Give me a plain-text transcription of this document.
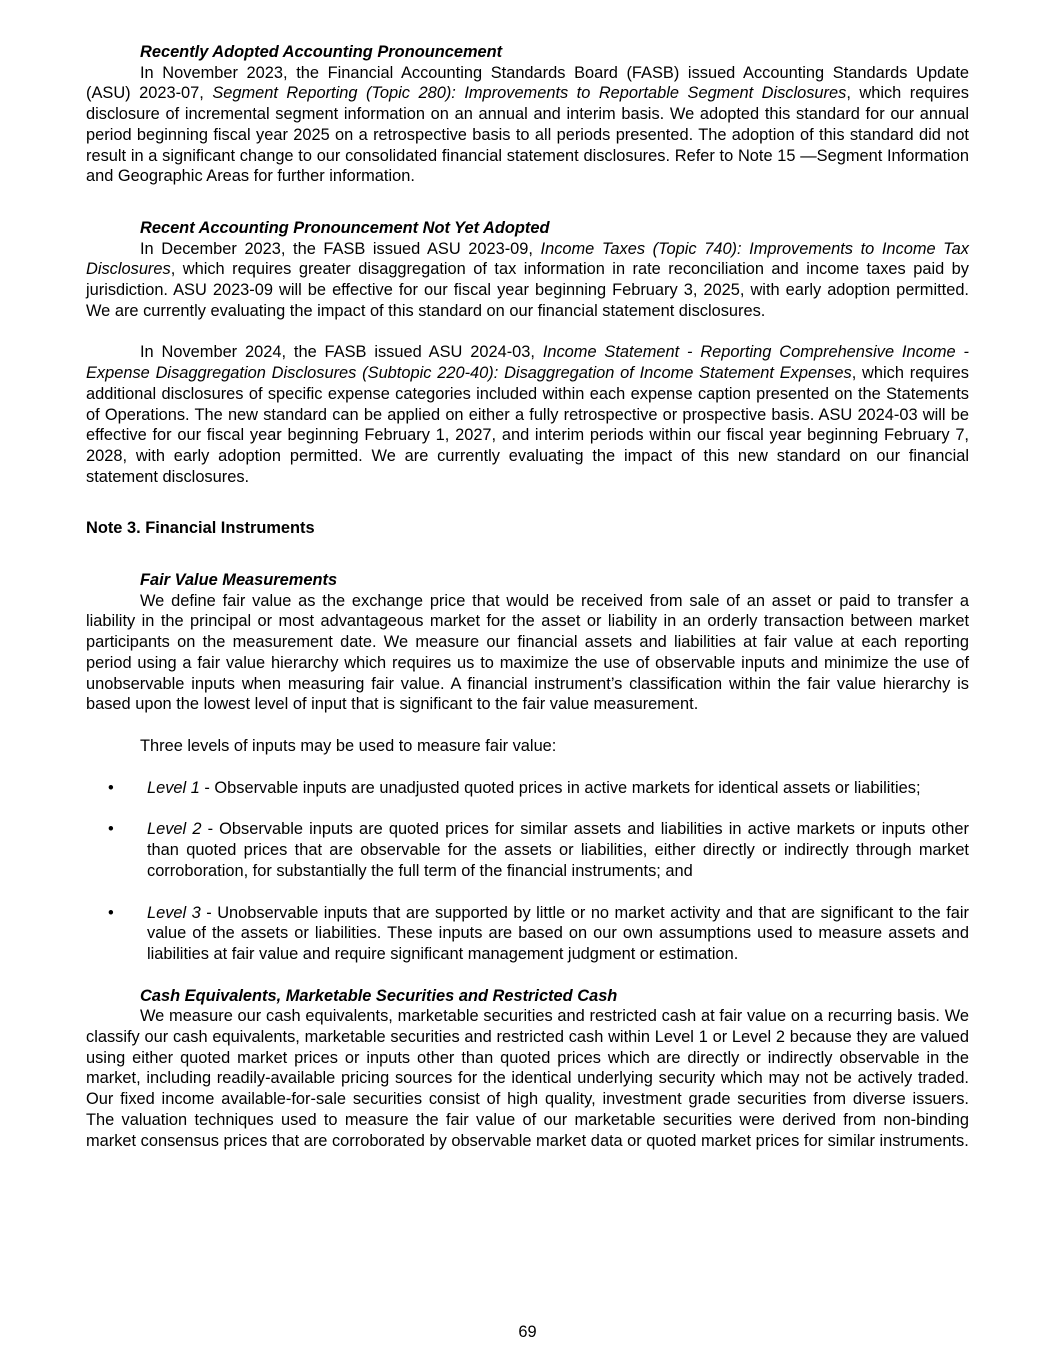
Recently Adopted Accounting Pronouncement

In November 2023, the Financial Accounting Standards Board (FASB) issued Accounting Standards Update (ASU) 2023-07, Segment Reporting (Topic 280): Improvements to Reportable Segment Disclosures, which requires disclosure of incremental segment information on an annual and interim basis. We adopted this standard for our annual period beginning fiscal year 2025 on a retrospective basis to all periods presented. The adoption of this standard did not result in a significant change to our consolidated financial statement disclosures. Refer to Note 15 —Segment Information and Geographic Areas for further information.

Recent Accounting Pronouncement Not Yet Adopted

In December 2023, the FASB issued ASU 2023-09, Income Taxes (Topic 740): Improvements to Income Tax Disclosures, which requires greater disaggregation of tax information in rate reconciliation and income taxes paid by jurisdiction. ASU 2023-09 will be effective for our fiscal year beginning February 3, 2025, with early adoption permitted. We are currently evaluating the impact of this standard on our financial statement disclosures.

In November 2024, the FASB issued ASU 2024-03, Income Statement - Reporting Comprehensive Income - Expense Disaggregation Disclosures (Subtopic 220-40): Disaggregation of Income Statement Expenses, which requires additional disclosures of specific expense categories included within each expense caption presented on the Statements of Operations. The new standard can be applied on either a fully retrospective or prospective basis. ASU 2024-03 will be effective for our fiscal year beginning February 1, 2027, and interim periods within our fiscal year beginning February 7, 2028, with early adoption permitted. We are currently evaluating the impact of this new standard on our financial statement disclosures.

Note 3. Financial Instruments
Fair Value Measurements

We define fair value as the exchange price that would be received from sale of an asset or paid to transfer a liability in the principal or most advantageous market for the asset or liability in an orderly transaction between market participants on the measurement date. We measure our financial assets and liabilities at fair value at each reporting period using a fair value hierarchy which requires us to maximize the use of observable inputs and minimize the use of unobservable inputs when measuring fair value. A financial instrument’s classification within the fair value hierarchy is based upon the lowest level of input that is significant to the fair value measurement.

Three levels of inputs may be used to measure fair value:

• Level 1 - Observable inputs are unadjusted quoted prices in active markets for identical assets or liabilities;
• Level 2 - Observable inputs are quoted prices for similar assets and liabilities in active markets or inputs other than quoted prices that are observable for the assets or liabilities, either directly or indirectly through market corroboration, for substantially the full term of the financial instruments; and
• Level 3 - Unobservable inputs that are supported by little or no market activity and that are significant to the fair value of the assets or liabilities. These inputs are based on our own assumptions used to measure assets and liabilities at fair value and require significant management judgment or estimation.
Cash Equivalents, Marketable Securities and Restricted Cash

We measure our cash equivalents, marketable securities and restricted cash at fair value on a recurring basis. We classify our cash equivalents, marketable securities and restricted cash within Level 1 or Level 2 because they are valued using either quoted market prices or inputs other than quoted prices which are directly or indirectly observable in the market, including readily-available pricing sources for the identical underlying security which may not be actively traded. Our fixed income available-for-sale securities consist of high quality, investment grade securities from diverse issuers. The valuation techniques used to measure the fair value of our marketable securities were derived from non-binding market consensus prices that are corroborated by observable market data or quoted market prices for similar instruments.

69
